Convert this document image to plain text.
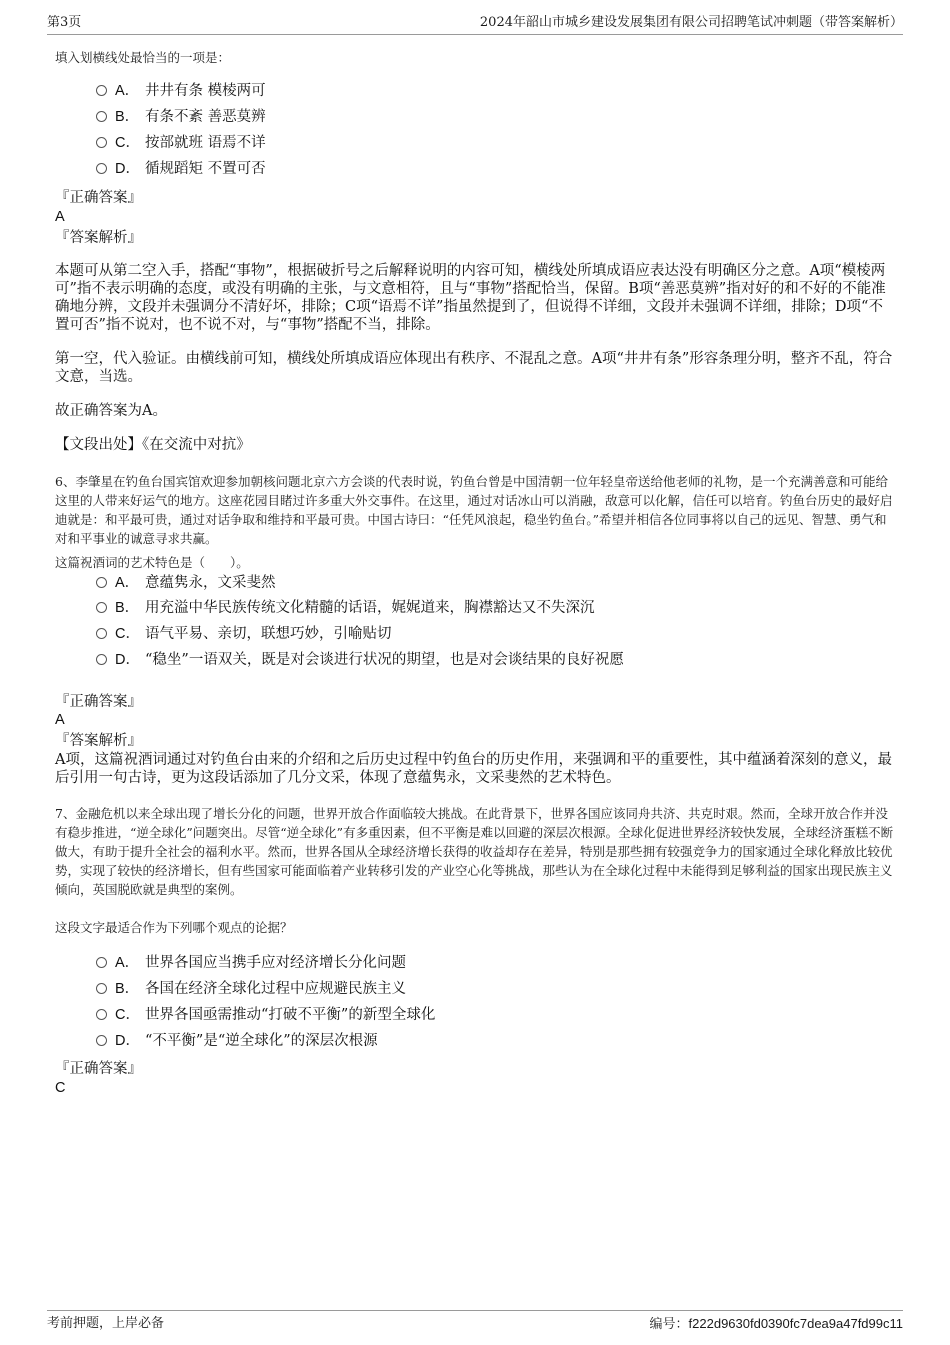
第3页	2024年韶山市城乡建设发展集团有限公司招聘笔试冲刺题（带答案解析）
填入划横线处最恰当的一项是：
A． 井井有条 模棱两可
B． 有条不紊 善恶莫辨
C． 按部就班 语焉不详
D． 循规蹈矩 不置可否
『正确答案』
A
『答案解析』
本题可从第二空入手，搭配“事物”，根据破折号之后解释说明的内容可知，横线处所填成语应表达没有明确区分之意。A项“模棱两可”指不表示明确的态度，或没有明确的主张，与文意相符，且与“事物”搭配恰当，保留。B项“善恶莫辨”指对好的和不好的不能准确地分辨，文段并未强调分不清好坏，排除；C项“语焉不详”指虽然提到了，但说得不详细，文段并未强调不详细，排除；D项“不置可否”指不说对，也不说不对，与“事物”搭配不当，排除。
第一空，代入验证。由横线前可知，横线处所填成语应体现出有秩序、不混乱之意。A项“井井有条”形容条理分明，整齐不乱，符合文意，当选。
故正确答案为A。
【文段出处】《在交流中对抗》
6、李肇星在钓鱼台国宾馆欢迎参加朝核问题北京六方会谈的代表时说，钓鱼台曾是中国清朝一位年轻皇帝送给他老师的礼物，是一个充满善意和可能给这里的人带来好运气的地方。这座花园目睹过许多重大外交事件。在这里，通过对话冰山可以消融，敌意可以化解，信任可以培育。钓鱼台历史的最好启迪就是：和平最可贵，通过对话争取和维持和平最可贵。中国古诗曰：“任凭风浪起，稳坐钓鱼台。”希望并相信各位同事将以自己的远见、智慧、勇气和对和平事业的诚意寻求共赢。
这篇祝酒词的艺术特色是（　　）。
A． 意蕴隽永，文采斐然
B． 用充溢中华民族传统文化精髓的话语，娓娓道来，胸襟豁达又不失深沉
C． 语气平易、亲切，联想巧妙，引喻贴切
D． “稳坐”一语双关，既是对会谈进行状况的期望，也是对会谈结果的良好祝愿
『正确答案』
A
『答案解析』
A项，这篇祝酒词通过对钓鱼台由来的介绍和之后历史过程中钓鱼台的历史作用，来强调和平的重要性，其中蕴涵着深刻的意义，最后引用一句古诗，更为这段话添加了几分文采，体现了意蕴隽永，文采斐然的艺术特色。
7、金融危机以来全球出现了增长分化的问题，世界开放合作面临较大挑战。在此背景下，世界各国应该同舟共济、共克时艰。然而，全球开放合作并没有稳步推进，“逆全球化”问题突出。尽管“逆全球化”有多重因素，但不平衡是难以回避的深层次根源。全球化促进世界经济较快发展，全球经济蛋糕不断做大，有助于提升全社会的福利水平。然而，世界各国从全球经济增长获得的收益却存在差异，特别是那些拥有较强竞争力的国家通过全球化释放比较优势，实现了较快的经济增长，但有些国家可能面临着产业转移引发的产业空心化等挑战，那些认为在全球化过程中未能得到足够利益的国家出现民族主义倾向，英国脱欧就是典型的案例。
这段文字最适合作为下列哪个观点的论据？
A． 世界各国应当携手应对经济增长分化问题
B． 各国在经济全球化过程中应规避民族主义
C． 世界各国亟需推动“打破不平衡”的新型全球化
D． “不平衡”是“逆全球化”的深层次根源
『正确答案』
C
考前押题，上岸必备	编号：f222d9630fd0390fc7dea9a47fd99c11
